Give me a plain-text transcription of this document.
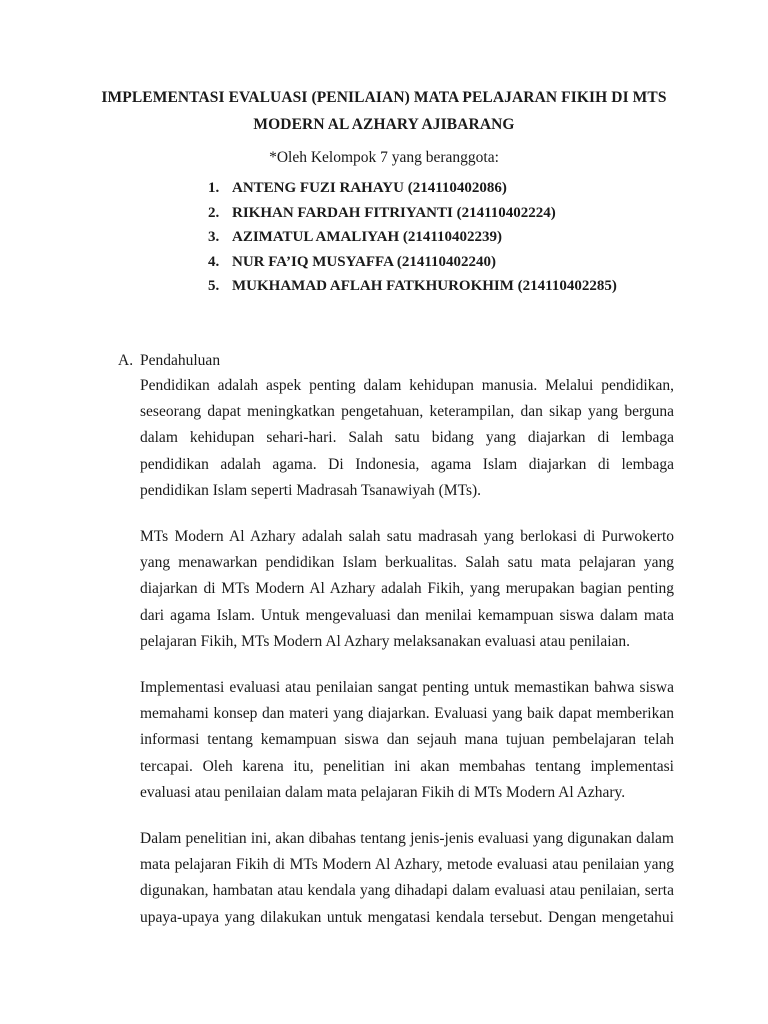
IMPLEMENTASI EVALUASI (PENILAIAN) MATA PELAJARAN FIKIH DI MTS
MODERN AL AZHARY AJIBARANG
*Oleh Kelompok 7 yang beranggota:
1. ANTENG FUZI RAHAYU (214110402086)
2. RIKHAN FARDAH FITRIYANTI (214110402224)
3. AZIMATUL AMALIYAH (214110402239)
4. NUR FA’IQ MUSYAFFA (214110402240)
5. MUKHAMAD AFLAH FATKHUROKHIM (214110402285)
A. Pendahuluan

Pendidikan adalah aspek penting dalam kehidupan manusia. Melalui pendidikan, seseorang dapat meningkatkan pengetahuan, keterampilan, dan sikap yang berguna dalam kehidupan sehari-hari. Salah satu bidang yang diajarkan di lembaga pendidikan adalah agama. Di Indonesia, agama Islam diajarkan di lembaga pendidikan Islam seperti Madrasah Tsanawiyah (MTs).

MTs Modern Al Azhary adalah salah satu madrasah yang berlokasi di Purwokerto yang menawarkan pendidikan Islam berkualitas. Salah satu mata pelajaran yang diajarkan di MTs Modern Al Azhary adalah Fikih, yang merupakan bagian penting dari agama Islam. Untuk mengevaluasi dan menilai kemampuan siswa dalam mata pelajaran Fikih, MTs Modern Al Azhary melaksanakan evaluasi atau penilaian.

Implementasi evaluasi atau penilaian sangat penting untuk memastikan bahwa siswa memahami konsep dan materi yang diajarkan. Evaluasi yang baik dapat memberikan informasi tentang kemampuan siswa dan sejauh mana tujuan pembelajaran telah tercapai. Oleh karena itu, penelitian ini akan membahas tentang implementasi evaluasi atau penilaian dalam mata pelajaran Fikih di MTs Modern Al Azhary.

Dalam penelitian ini, akan dibahas tentang jenis-jenis evaluasi yang digunakan dalam mata pelajaran Fikih di MTs Modern Al Azhary, metode evaluasi atau penilaian yang digunakan, hambatan atau kendala yang dihadapi dalam evaluasi atau penilaian, serta upaya-upaya yang dilakukan untuk mengatasi kendala tersebut. Dengan mengetahui
